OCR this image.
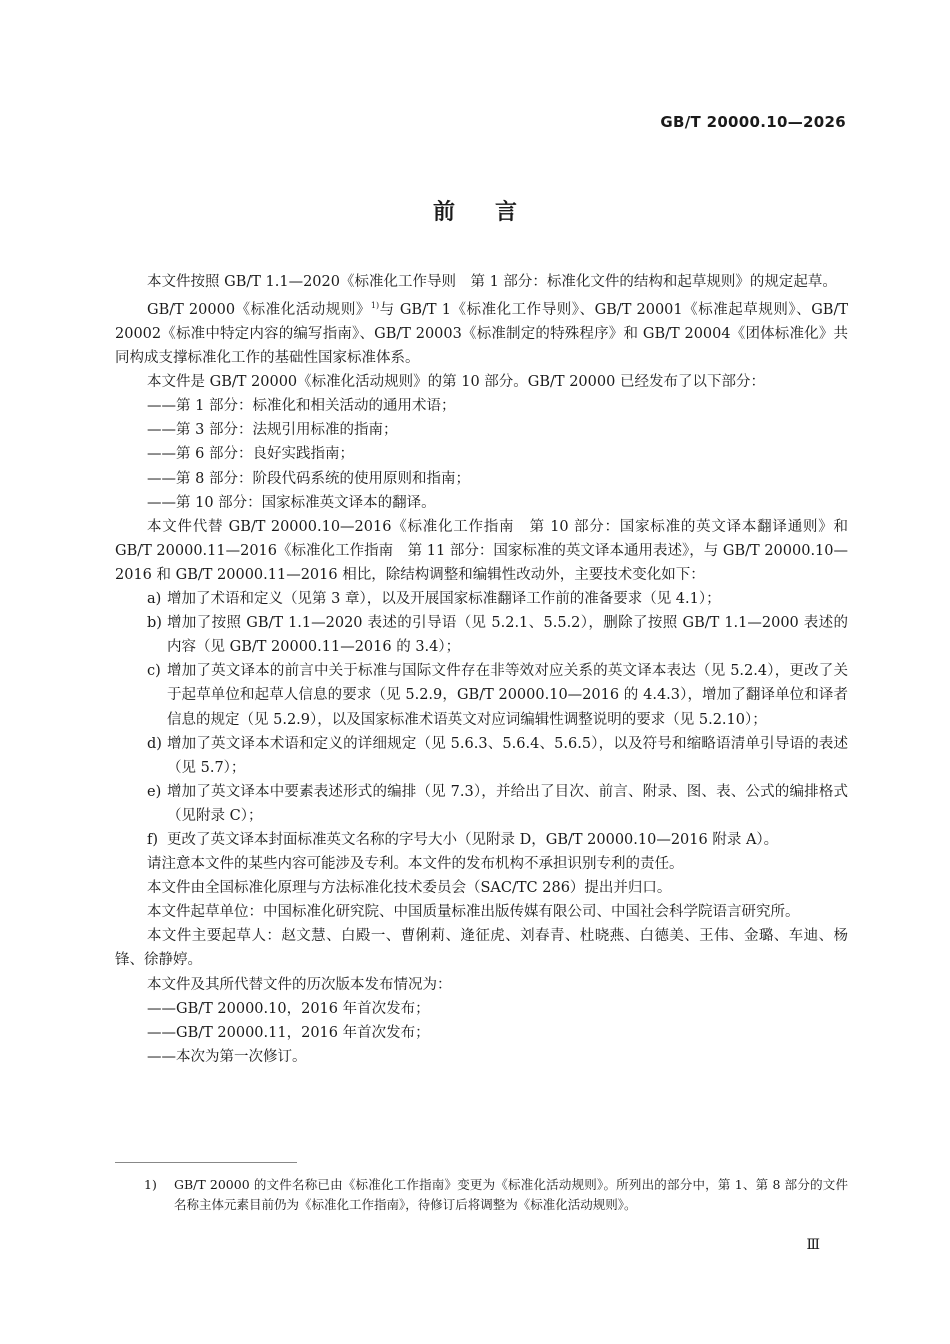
GB/T 20000.10—2026
前言

本文件按照 GB/T 1.1—2020《标准化工作导则　第 1 部分：标准化文件的结构和起草规则》的规定起草。

GB/T 20000《标准化活动规则》$^{1)}$与 GB/T 1《标准化工作导则》、GB/T 20001《标准起草规则》、GB/T 20002《标准中特定内容的编写指南》、GB/T 20003《标准制定的特殊程序》和 GB/T 20004《团体标准化》共同构成支撑标准化工作的基础性国家标准体系。

本文件是 GB/T 20000《标准化活动规则》的第 10 部分。GB/T 20000 已经发布了以下部分：

——第 1 部分：标准化和相关活动的通用术语；

——第 3 部分：法规引用标准的指南；

——第 6 部分：良好实践指南；

——第 8 部分：阶段代码系统的使用原则和指南；

——第 10 部分：国家标准英文译本的翻译。

本文件代替 GB/T 20000.10—2016《标准化工作指南　第 10 部分：国家标准的英文译本翻译通则》和 GB/T 20000.11—2016《标准化工作指南　第 11 部分：国家标准的英文译本通用表述》，与 GB/T 20000.10—2016 和 GB/T 20000.11—2016 相比，除结构调整和编辑性改动外，主要技术变化如下：

a) 增加了术语和定义（见第 3 章），以及开展国家标准翻译工作前的准备要求（见 4.1）；
b) 增加了按照 GB/T 1.1—2020 表述的引导语（见 5.2.1、5.5.2），删除了按照 GB/T 1.1—2000 表述的内容（见 GB/T 20000.11—2016 的 3.4）；
c) 增加了英文译本的前言中关于标准与国际文件存在非等效对应关系的英文译本表达（见 5.2.4），更改了关于起草单位和起草人信息的要求（见 5.2.9，GB/T 20000.10—2016 的 4.4.3），增加了翻译单位和译者信息的规定（见 5.2.9），以及国家标准术语英文对应词编辑性调整说明的要求（见 5.2.10）；
d) 增加了英文译本术语和定义的详细规定（见 5.6.3、5.6.4、5.6.5），以及符号和缩略语清单引导语的表述（见 5.7）；
e) 增加了英文译本中要素表述形式的编排（见 7.3），并给出了目次、前言、附录、图、表、公式的编排格式（见附录 C）；
f) 更改了英文译本封面标准英文名称的字号大小（见附录 D，GB/T 20000.10—2016 附录 A）。

请注意本文件的某些内容可能涉及专利。本文件的发布机构不承担识别专利的责任。

本文件由全国标准化原理与方法标准化技术委员会（SAC/TC 286）提出并归口。

本文件起草单位：中国标准化研究院、中国质量标准出版传媒有限公司、中国社会科学院语言研究所。

本文件主要起草人：赵文慧、白殿一、曹俐莉、逄征虎、刘春青、杜晓燕、白德美、王伟、金璐、车迪、杨锋、徐静婷。

本文件及其所代替文件的历次版本发布情况为：

——GB/T 20000.10，2016 年首次发布；

——GB/T 20000.11，2016 年首次发布；

——本次为第一次修订。

1)	GB/T 20000 的文件名称已由《标准化工作指南》变更为《标准化活动规则》。所列出的部分中，第 1、第 8 部分的文件名称主体元素目前仍为《标准化工作指南》，待修订后将调整为《标准化活动规则》。
Ⅲ
